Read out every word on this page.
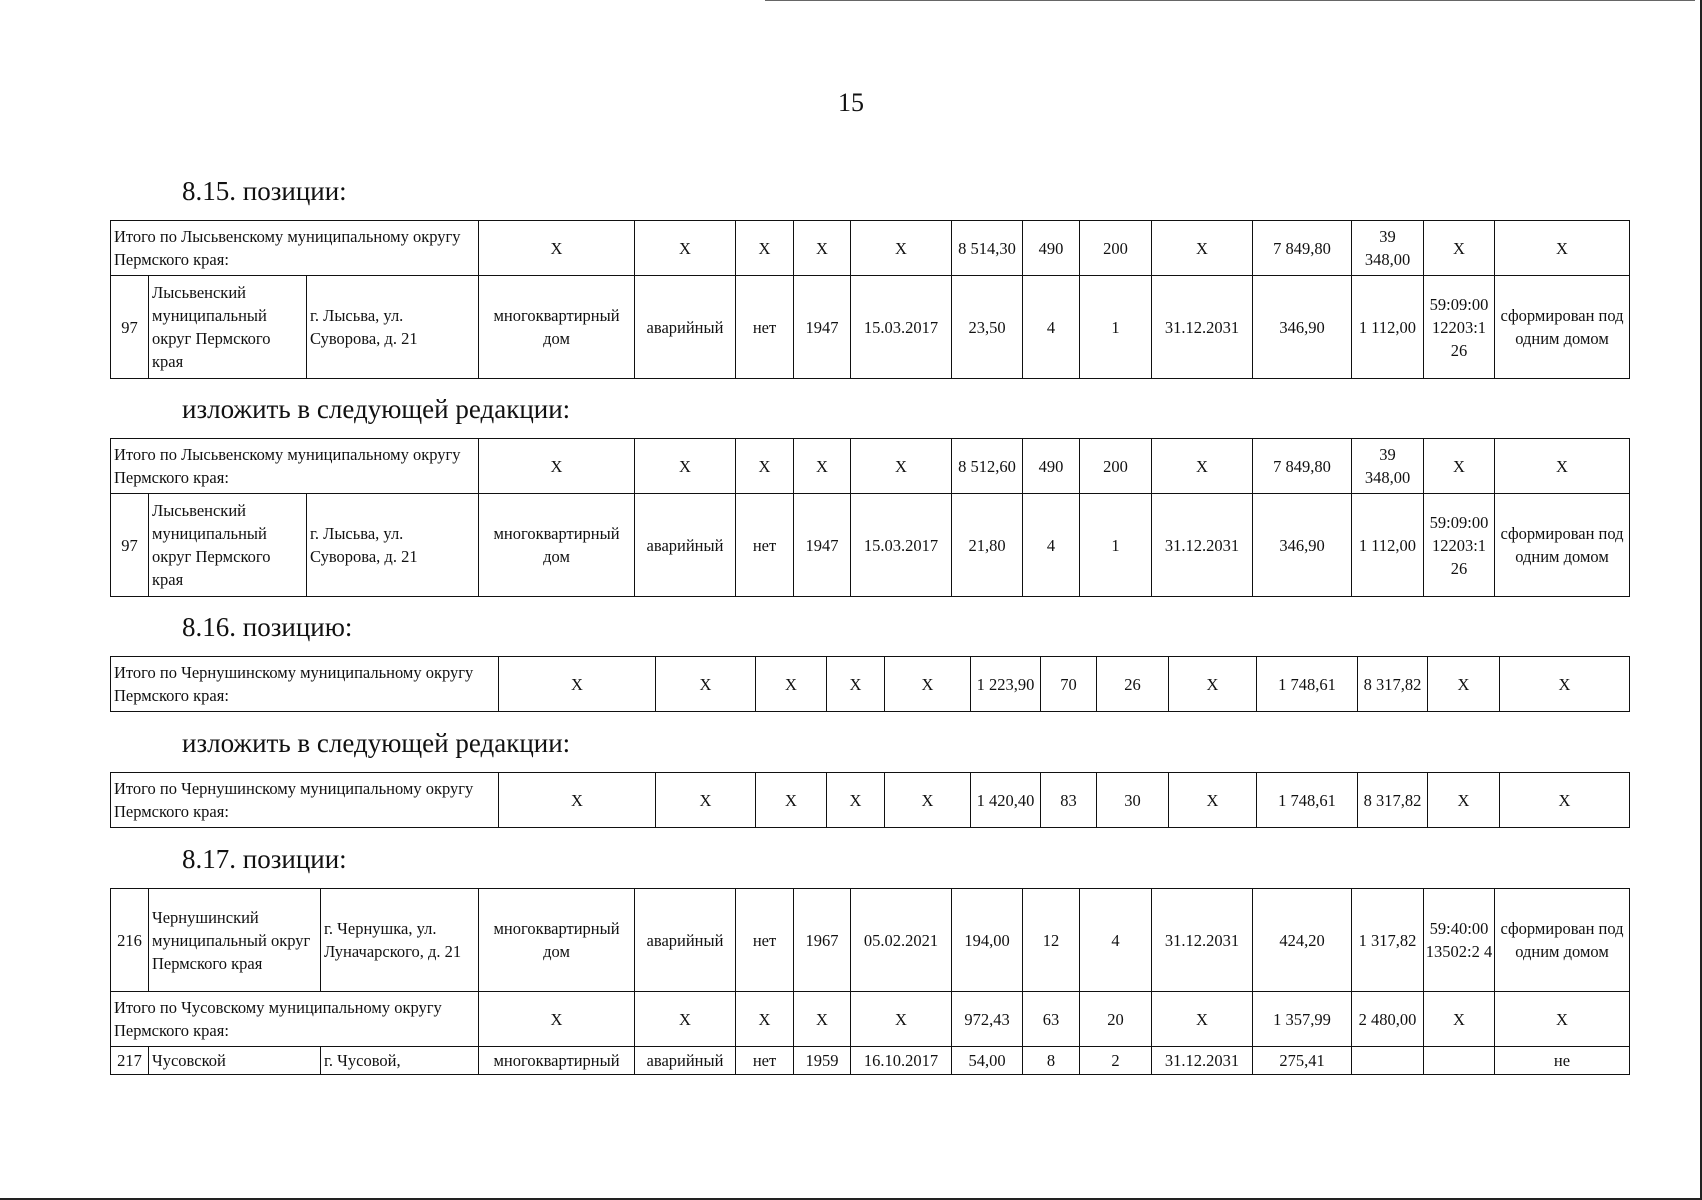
15
8.15. позиции:
Итого по Лысьвенскому муниципальному округу Пермского края:			X	X	X	X	X	8 514,30	490	200	X	7 849,80	39 348,00	X	X
97	Лысьвенский муниципальный округ Пермского края	г. Лысьва, ул. Суворова, д. 21	многоквартирный дом	аварийный	нет	1947	15.03.2017	23,50	4	1	31.12.2031	346,90	1 112,00	59:09:00 12203:1 26	сформирован под одним домом
изложить в следующей редакции:
Итого по Лысьвенскому муниципальному округу Пермского края:			X	X	X	X	X	8 512,60	490	200	X	7 849,80	39 348,00	X	X
97	Лысьвенский муниципальный округ Пермского края	г. Лысьва, ул. Суворова, д. 21	многоквартирный дом	аварийный	нет	1947	15.03.2017	21,80	4	1	31.12.2031	346,90	1 112,00	59:09:00 12203:1 26	сформирован под одним домом
8.16. позицию:
Итого по Чернушинскому муниципальному округу Пермского края:	X	X	X	X	X	1 223,90	70	26	X	1 748,61	8 317,82	X	X
изложить в следующей редакции:
Итого по Чернушинскому муниципальному округу Пермского края:	X	X	X	X	X	1 420,40	83	30	X	1 748,61	8 317,82	X	X
8.17. позиции:
216	Чернушинский муниципальный округ Пермского края	г. Чернушка, ул. Луначарского, д. 21	многоквартирный дом	аварийный	нет	1967	05.02.2021	194,00	12	4	31.12.2031	424,20	1 317,82	59:40:00 13502:2 4	сформирован под одним домом
Итого по Чусовскому муниципальному округу Пермского края:			X	X	X	X	X	972,43	63	20	X	1 357,99	2 480,00	X	X
217	Чусовской	г. Чусовой,	многоквартирный	аварийный	нет	1959	16.10.2017	54,00	8	2	31.12.2031	275,41			не
